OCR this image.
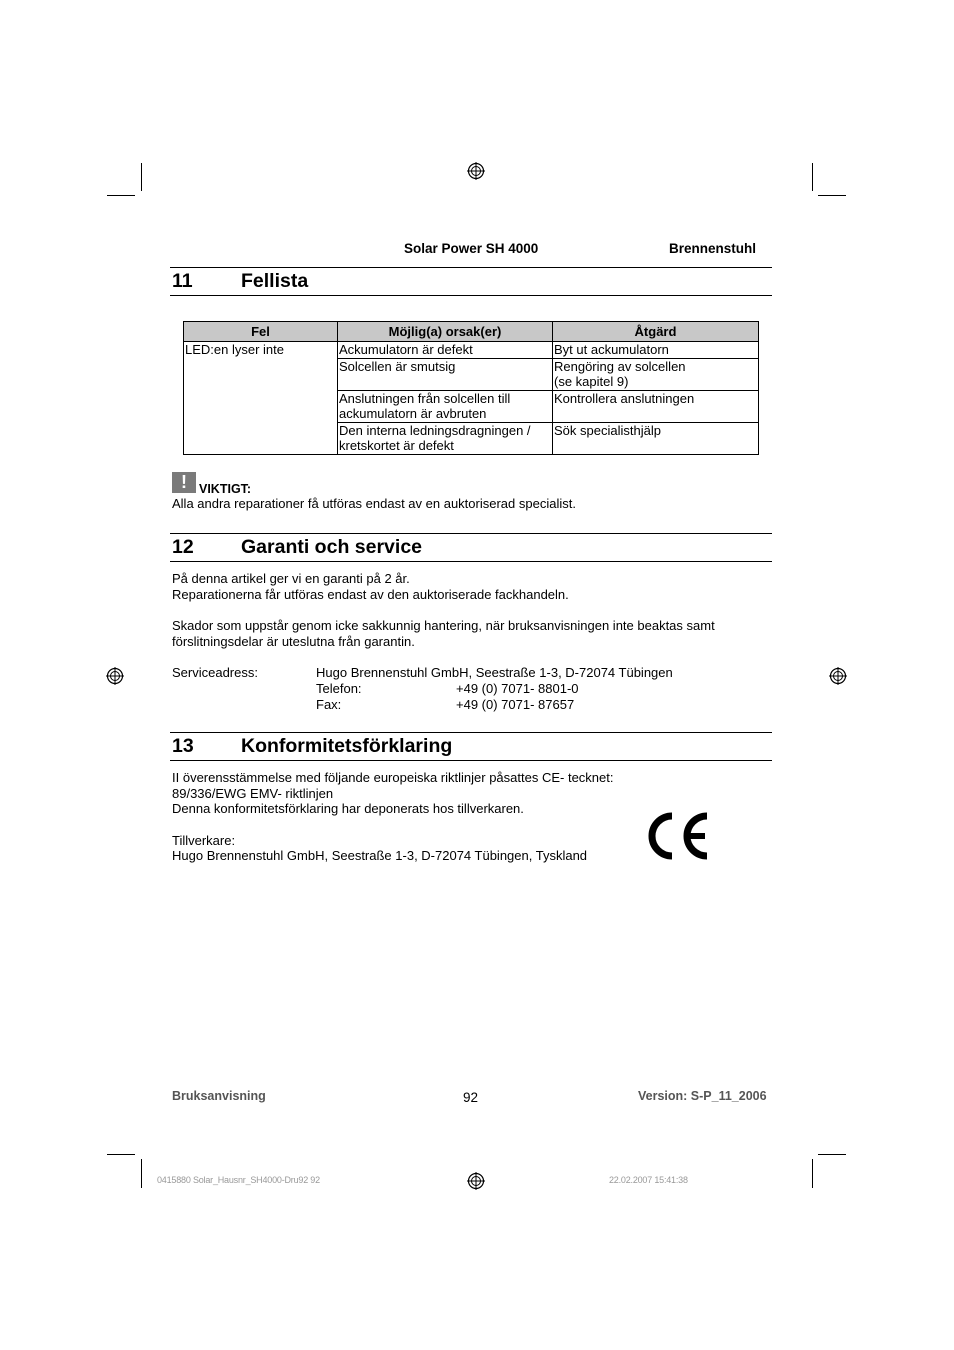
Solar Power SH 4000	Brennenstuhl
11 Fellista
Fel	Möjlig(a) orsak(er)	Åtgärd
LED:en lyser inte	Ackumulatorn är defekt	Byt ut ackumulatorn
	Solcellen är smutsig	Rengöring av solcellen
(se kapitel 9)
	Anslutningen från solcellen till
ackumulatorn är avbruten	Kontrollera anslutningen
	Den interna ledningsdragningen /
kretskortet är defekt	Sök specialisthjälp
! VIKTIGT:
Alla andra reparationer få utföras endast av en auktoriserad specialist.
12 Garanti och service
På denna artikel ger vi en garanti på 2 år.
Reparationerna får utföras endast av den auktoriserade fackhandeln.
Skador som uppstår genom icke sakkunnig hantering, när bruksanvisningen inte beaktas samt
förslitningsdelar är uteslutna från garantin.
Serviceadress:	Hugo Brennenstuhl GmbH, Seestraße 1-3, D-72074 Tübingen
Telefon:	+49 (0) 7071- 8801-0
Fax:	+49 (0) 7071- 87657
13 Konformitetsförklaring
II överensstämmelse med följande europeiska riktlinjer påsattes CE- tecknet:
89/336/EWG EMV- riktlinjen
Denna konformitetsförklaring har deponerats hos tillverkaren.
Tillverkare:
Hugo Brennenstuhl GmbH, Seestraße 1-3, D-72074 Tübingen, Tyskland
Bruksanvisning	92	Version: S-P_11_2006
0415880 Solar_Hausnr_SH4000-Dru92 92	22.02.2007 15:41:38
